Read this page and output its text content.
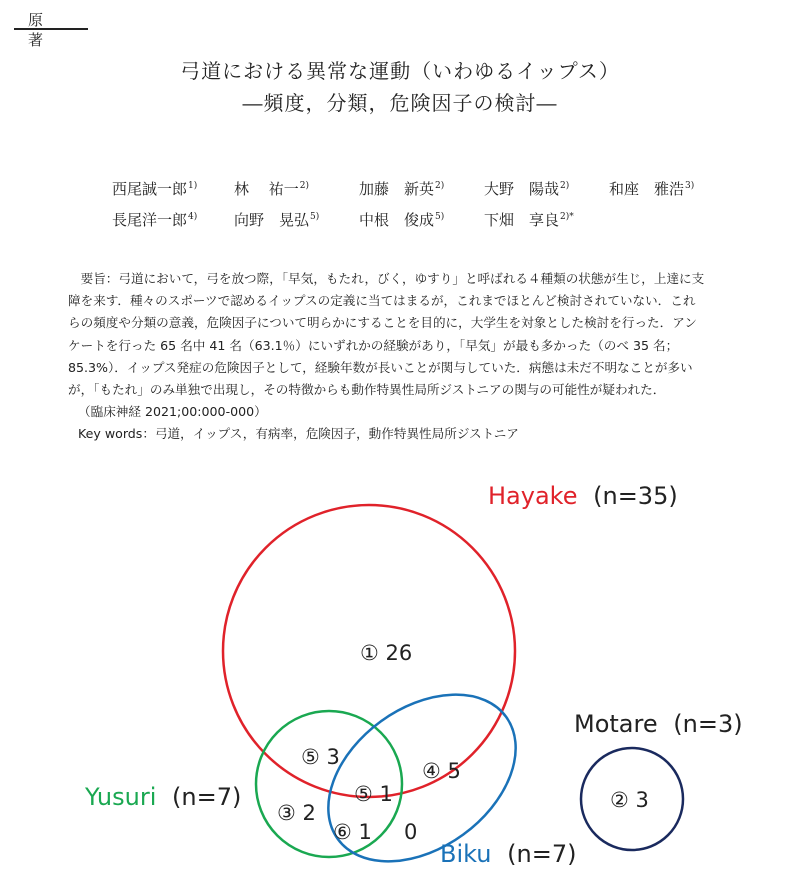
原著
弓道における異常な運動（いわゆるイップス）
―頻度，分類，危険因子の検討―
西尾誠一郎$^{1)}$	林　 祐一$^{2)}$	加藤　新英$^{2)}$	大野　陽哉$^{2)}$	和座　雅浩$^{3)}$
長尾洋一郎$^{4)}$	向野　晃弘$^{5)}$	中根　俊成$^{5)}$	下畑　享良$^{2)*}$
　要旨：弓道において，弓を放つ際，「早気，もたれ，びく，ゆすり」と呼ばれる４種類の状態が生じ，上達に支
障を来す．種々のスポーツで認めるイップスの定義に当てはまるが，これまでほとんど検討されていない．これ
らの頻度や分類の意義，危険因子について明らかにすることを目的に，大学生を対象とした検討を行った．アン
ケートを行った 65 名中 41 名（63.1％）にいずれかの経験があり，「早気」が最も多かった（のべ 35 名；
85.3%）．イップス発症の危険因子として，経験年数が長いことが関与していた．病態は未だ不明なことが多い
が，「もたれ」のみ単独で出現し，その特徴からも動作特異性局所ジストニアの関与の可能性が疑われた．
（臨床神経 2021;00:000-000）
Key words：弓道，イップス，有病率，危険因子，動作特異性局所ジストニア
Hayake (n=35)
Motare (n=3)
Yusuri (n=7)
Biku (n=7)
① 26
⑤ 3
④ 5
⑤ 1
③ 2
⑥ 1 0
② 3
